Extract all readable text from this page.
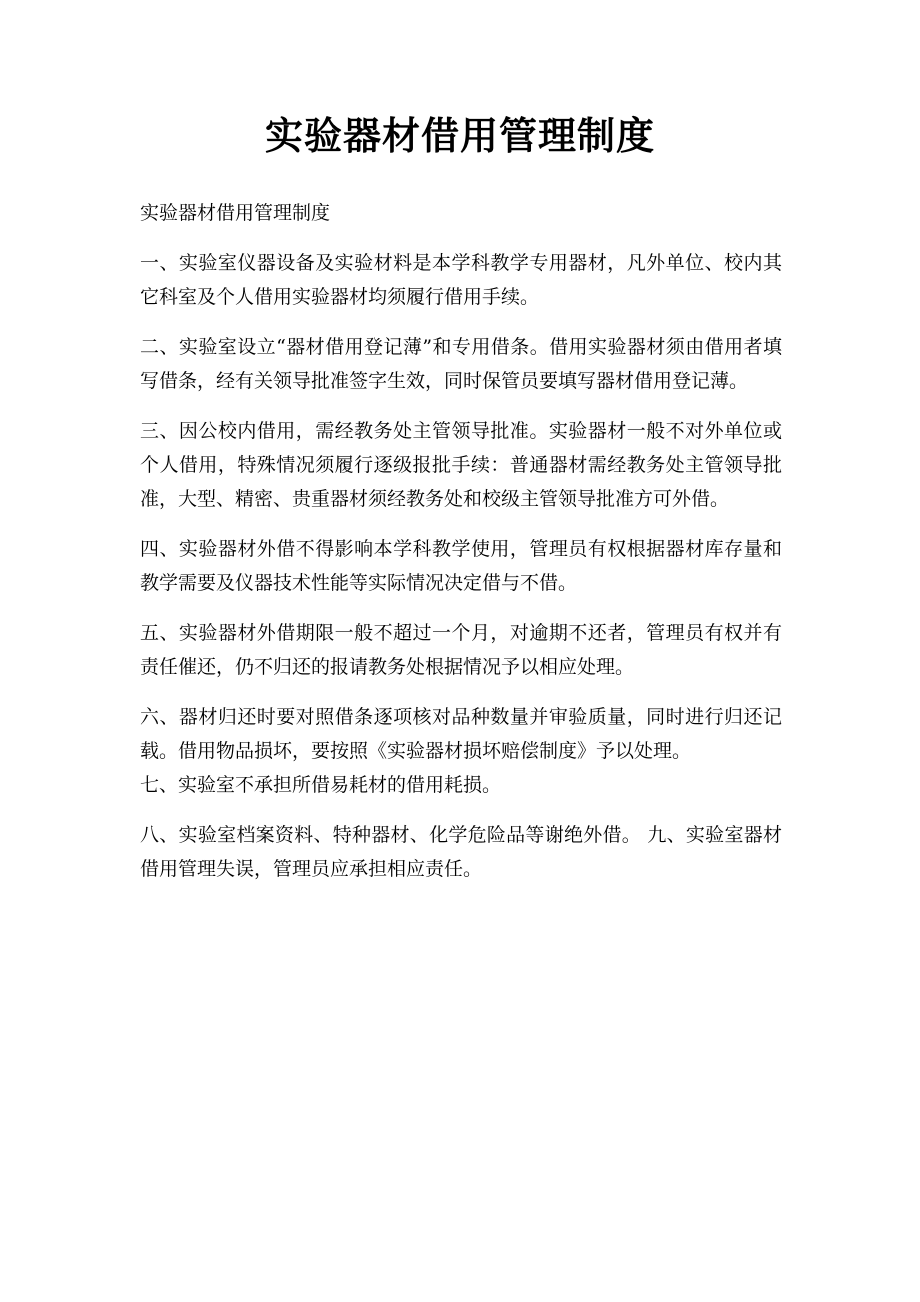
实验器材借用管理制度

实验器材借用管理制度

一、实验室仪器设备及实验材料是本学科教学专用器材，凡外单位、校内其它科室及个人借用实验器材均须履行借用手续。

二、实验室设立“器材借用登记薄”和专用借条。借用实验器材须由借用者填写借条，经有关领导批准签字生效，同时保管员要填写器材借用登记薄。

三、因公校内借用，需经教务处主管领导批准。实验器材一般不对外单位或个人借用，特殊情况须履行逐级报批手续：普通器材需经教务处主管领导批准，大型、精密、贵重器材须经教务处和校级主管领导批准方可外借。

四、实验器材外借不得影响本学科教学使用，管理员有权根据器材库存量和教学需要及仪器技术性能等实际情况决定借与不借。

五、实验器材外借期限一般不超过一个月，对逾期不还者，管理员有权并有责任催还，仍不归还的报请教务处根据情况予以相应处理。

六、器材归还时要对照借条逐项核对品种数量并审验质量，同时进行归还记载。借用物品损坏，要按照《实验器材损坏赔偿制度》予以处理。

七、实验室不承担所借易耗材的借用耗损。

八、实验室档案资料、特种器材、化学危险品等谢绝外借。 九、实验室器材借用管理失误，管理员应承担相应责任。
